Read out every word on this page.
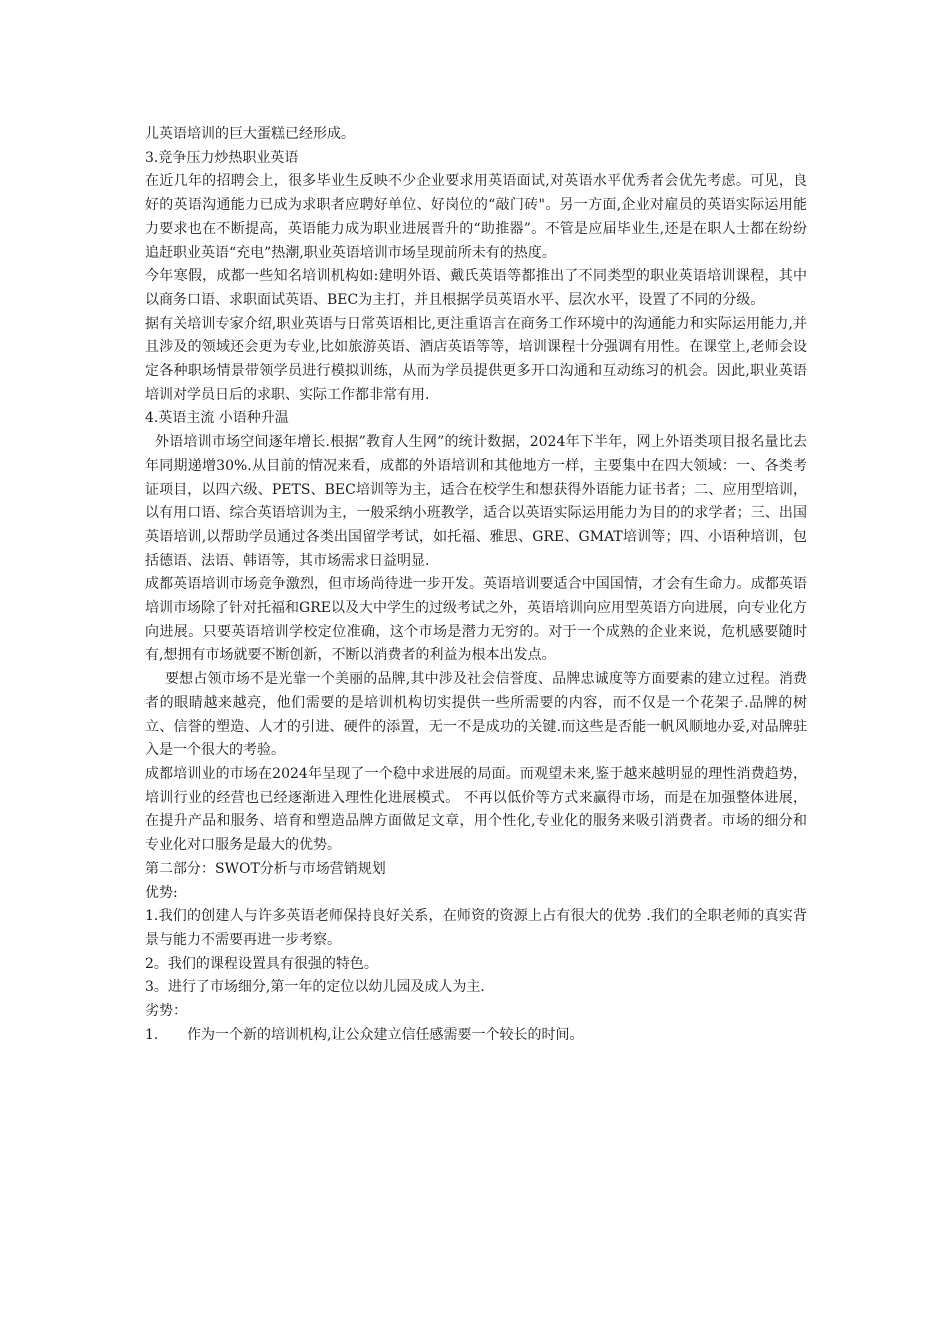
儿英语培训的巨大蛋糕已经形成。

3.竞争压力炒热职业英语

在近几年的招聘会上，很多毕业生反映不少企业要求用英语面试,对英语水平优秀者会优先考虑。可见，良好的英语沟通能力已成为求职者应聘好单位、好岗位的“敲门砖"。另一方面,企业对雇员的英语实际运用能力要求也在不断提高，英语能力成为职业进展晋升的“助推器”。不管是应届毕业生,还是在职人士都在纷纷追赶职业英语“充电”热潮,职业英语培训市场呈现前所未有的热度。

今年寒假，成都一些知名培训机构如:建明外语、戴氏英语等都推出了不同类型的职业英语培训课程，其中以商务口语、求职面试英语、BEC为主打，并且根据学员英语水平、层次水平，设置了不同的分级。

据有关培训专家介绍,职业英语与日常英语相比,更注重语言在商务工作环境中的沟通能力和实际运用能力,并且涉及的领域还会更为专业,比如旅游英语、酒店英语等等，培训课程十分强调有用性。在课堂上,老师会设定各种职场情景带领学员进行模拟训练，从而为学员提供更多开口沟通和互动练习的机会。因此,职业英语培训对学员日后的求职、实际工作都非常有用.

4.英语主流 小语种升温

外语培训市场空间逐年增长.根据”教育人生网”的统计数据，2024年下半年，网上外语类项目报名量比去年同期递增30%.从目前的情况来看，成都的外语培训和其他地方一样，主要集中在四大领域：一、各类考证项目，以四六级、PETS、BEC培训等为主，适合在校学生和想获得外语能力证书者；二、应用型培训，以有用口语、综合英语培训为主，一般采纳小班教学，适合以英语实际运用能力为目的的求学者；三、出国英语培训,以帮助学员通过各类出国留学考试，如托福、雅思、GRE、GMAT培训等；四、小语种培训，包括德语、法语、韩语等，其市场需求日益明显.

成都英语培训市场竞争激烈，但市场尚待进一步开发。英语培训要适合中国国情，才会有生命力。成都英语培训市场除了针对托福和GRE以及大中学生的过级考试之外，英语培训向应用型英语方向进展，向专业化方向进展。只要英语培训学校定位准确，这个市场是潜力无穷的。对于一个成熟的企业来说，危机感要随时有,想拥有市场就要不断创新，不断以消费者的利益为根本出发点。

要想占领市场不是光靠一个美丽的品牌,其中涉及社会信誉度、品牌忠诚度等方面要素的建立过程。消费者的眼睛越来越亮，他们需要的是培训机构切实提供一些所需要的内容，而不仅是一个花架子.品牌的树立、信誉的塑造、人才的引进、硬件的添置，无一不是成功的关键.而这些是否能一帆风顺地办妥,对品牌驻入是一个很大的考验。

成都培训业的市场在2024年呈现了一个稳中求进展的局面。而观望未来,鉴于越来越明显的理性消费趋势，培训行业的经营也已经逐渐进入理性化进展模式。 不再以低价等方式来赢得市场，而是在加强整体进展，在提升产品和服务、培育和塑造品牌方面做足文章，用个性化,专业化的服务来吸引消费者。市场的细分和专业化对口服务是最大的优势。

第二部分：SWOT分析与市场营销规划

优势:

1.我们的创建人与许多英语老师保持良好关系，在师资的资源上占有很大的优势 .我们的全职老师的真实背景与能力不需要再进一步考察。

2。我们的课程设置具有很强的特色。

3。进行了市场细分,第一年的定位以幼儿园及成人为主.

劣势：

1.	作为一个新的培训机构,让公众建立信任感需要一个较长的时间。
